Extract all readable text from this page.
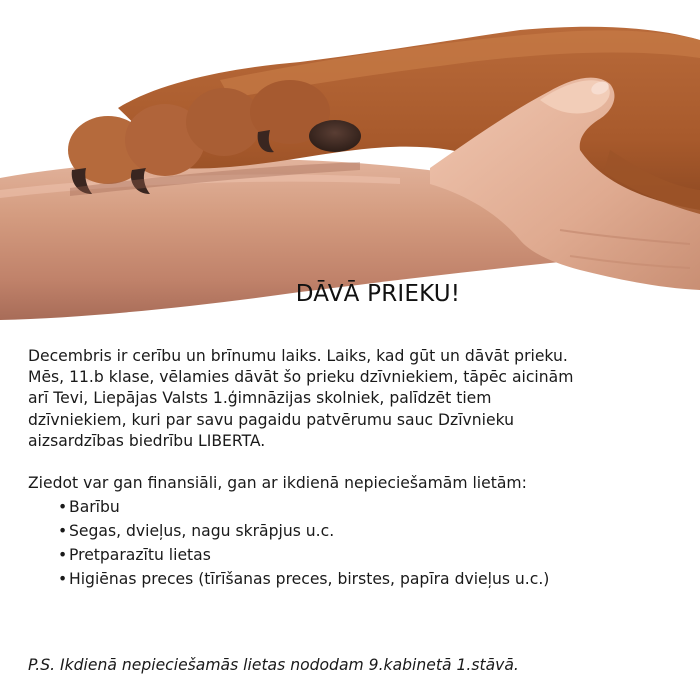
DĀVĀ PRIEKU!

Decembris ir cerību un brīnumu laiks. Laiks, kad gūt un dāvāt prieku.

Mēs, 11.b klase, vēlamies dāvāt šo prieku dzīvniekiem, tāpēc aicinām

arī Tevi, Liepājas Valsts 1.ģimnāzijas skolniek, palīdzēt tiem

dzīvniekiem, kuri par savu pagaidu patvērumu sauc Dzīvnieku

aizsardzības biedrību LIBERTA.

Ziedot var gan finansiāli, gan ar ikdienā nepieciešamām lietām:

• Barību
• Segas, dvieļus, nagu skrāpjus u.c.
• Pretparazītu lietas
• Higiēnas preces (tīrīšanas preces, birstes, papīra dvieļus u.c.)

P.S. Ikdienā nepieciešamās lietas nododam 9.kabinetā 1.stāvā.
